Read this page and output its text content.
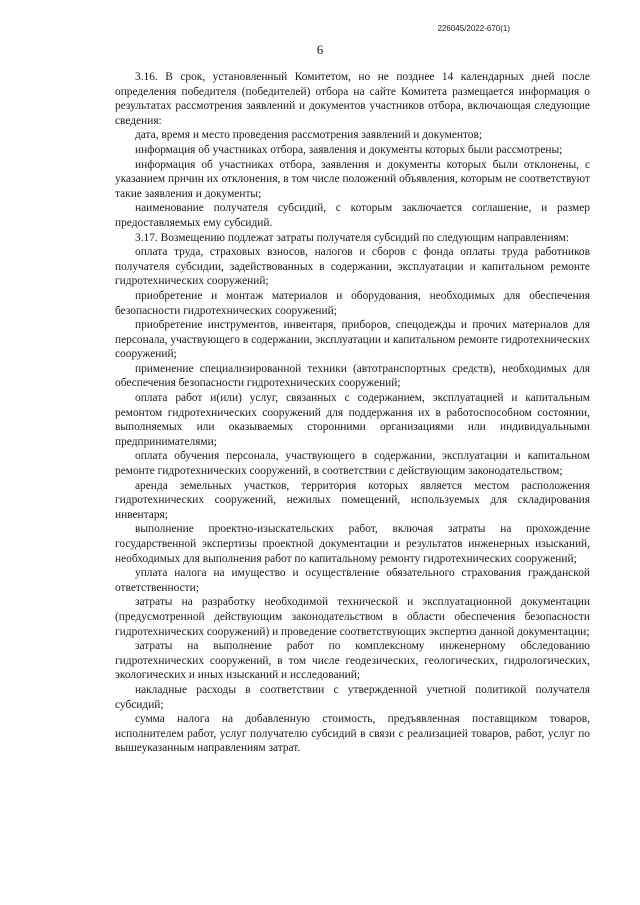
226045/2022-670(1)
6

3.16. В срок, установленный Комитетом, но не позднее 14 календарных дней после определения победителя (победителей) отбора на сайте Комитета размещается информация о результатах рассмотрения заявлений и документов участников отбора, включающая следующие сведения:

дата, время и место проведения рассмотрения заявлений и документов;

информация об участниках отбора, заявления и документы которых были рассмотрены;

информация об участниках отбора, заявления и документы которых были отклонены, с указанием причин их отклонения, в том числе положений объявления, которым не соответствуют такие заявления и документы;

наименование получателя субсидий, с которым заключается соглашение, и размер предоставляемых ему субсидий.

3.17. Возмещению подлежат затраты получателя субсидий по следующим направлениям:

оплата труда, страховых взносов, налогов и сборов с фонда оплаты труда работников получателя субсидии, задействованных в содержании, эксплуатации и капитальном ремонте гидротехнических сооружений;

приобретение и монтаж материалов и оборудования, необходимых для обеспечения безопасности гидротехнических сооружений;

приобретение инструментов, инвентаря, приборов, спецодежды и прочих материалов для персонала, участвующего в содержании, эксплуатации и капитальном ремонте гидротехнических сооружений;

применение специализированной техники (автотранспортных средств), необходимых для обеспечения безопасности гидротехнических сооружений;

оплата работ и(или) услуг, связанных с содержанием, эксплуатацией и капитальным ремонтом гидротехнических сооружений для поддержания их в работоспособном состоянии, выполняемых или оказываемых сторонними организациями или индивидуальными предпринимателями;

оплата обучения персонала, участвующего в содержании, эксплуатации и капитальном ремонте гидротехнических сооружений, в соответствии с действующим законодательством;

аренда земельных участков, территория которых является местом расположения гидротехнических сооружений, нежилых помещений, используемых для складирования инвентаря;

выполнение проектно-изыскательских работ, включая затраты на прохождение государственной экспертизы проектной документации и результатов инженерных изысканий, необходимых для выполнения работ по капитальному ремонту гидротехнических сооружений;

уплата налога на имущество и осуществление обязательного страхования гражданской ответственности;

затраты на разработку необходимой технической и эксплуатационной документации (предусмотренной действующим законодательством в области обеспечения безопасности гидротехнических сооружений) и проведение соответствующих экспертиз данной документации;

затраты на выполнение работ по комплексному инженерному обследованию гидротехнических сооружений, в том числе геодезических, геологических, гидрологических, экологических и иных изысканий и исследований;

накладные расходы в соответствии с утвержденной учетной политикой получателя субсидий;

сумма налога на добавленную стоимость, предъявленная поставщиком товаров, исполнителем работ, услуг получателю субсидий в связи с реализацией товаров, работ, услуг по вышеуказанным направлениям затрат.
